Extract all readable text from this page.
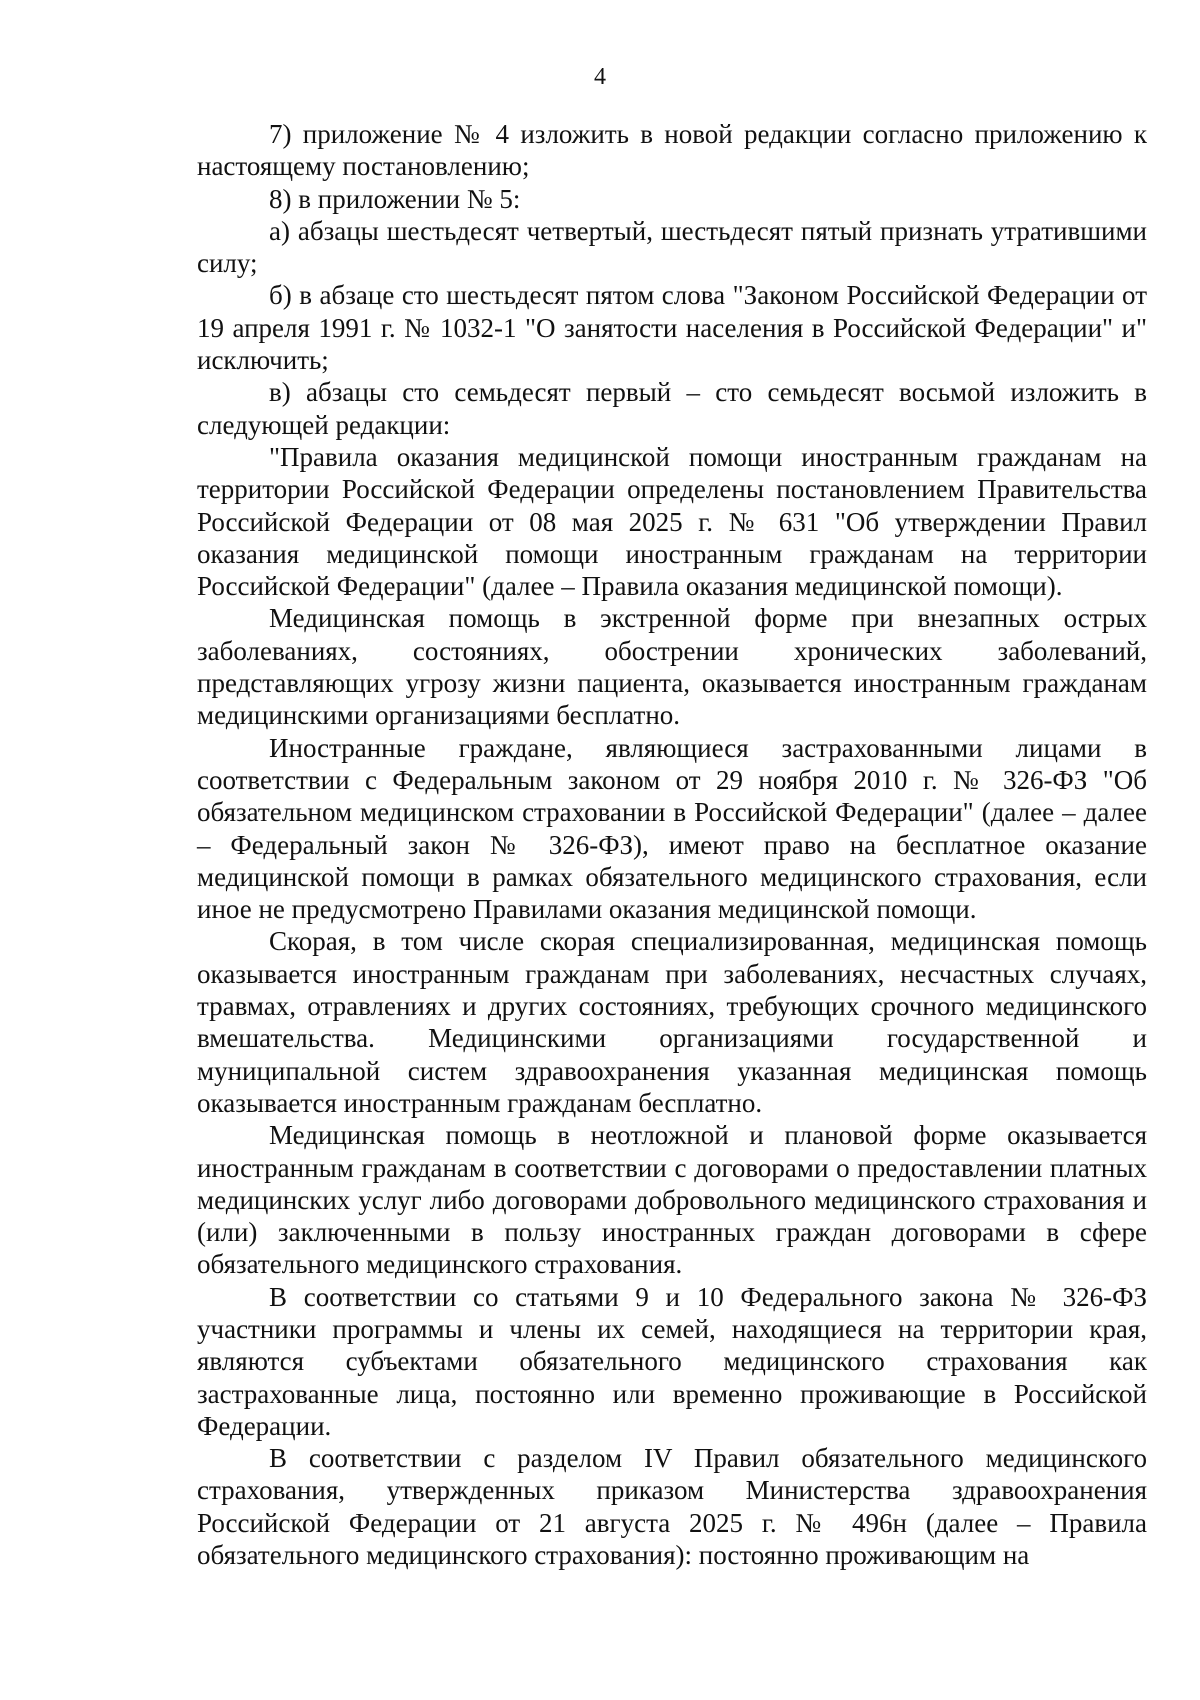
4

7) приложение № 4 изложить в новой редакции согласно приложению к настоящему постановлению;

8) в приложении № 5:

а) абзацы шестьдесят четвертый, шестьдесят пятый признать утратившими силу;

б) в абзаце сто шестьдесят пятом слова "Законом Российской Федерации от 19 апреля 1991 г. № 1032-1 "О занятости населения в Российской Федерации" и" исключить;

в) абзацы сто семьдесят первый – сто семьдесят восьмой изложить в следующей редакции:

"Правила оказания медицинской помощи иностранным гражданам на территории Российской Федерации определены постановлением Правительства Российской Федерации от 08 мая 2025 г. № 631 "Об утверждении Правил оказания медицинской помощи иностранным гражданам на территории Российской Федерации" (далее – Правила оказания медицинской помощи).

Медицинская помощь в экстренной форме при внезапных острых заболеваниях, состояниях, обострении хронических заболеваний, представляющих угрозу жизни пациента, оказывается иностранным гражданам медицинскими организациями бесплатно.

Иностранные граждане, являющиеся застрахованными лицами в соответствии с Федеральным законом от 29 ноября 2010 г. № 326-ФЗ "Об обязательном медицинском страховании в Российской Федерации" (далее – далее – Федеральный закон № 326-ФЗ), имеют право на бесплатное оказание медицинской помощи в рамках обязательного медицинского страхования, если иное не предусмотрено Правилами оказания медицинской помощи.

Скорая, в том числе скорая специализированная, медицинская помощь оказывается иностранным гражданам при заболеваниях, несчастных случаях, травмах, отравлениях и других состояниях, требующих срочного медицинского вмешательства. Медицинскими организациями государственной и муниципальной систем здравоохранения указанная медицинская помощь оказывается иностранным гражданам бесплатно.

Медицинская помощь в неотложной и плановой форме оказывается иностранным гражданам в соответствии с договорами о предоставлении платных медицинских услуг либо договорами добровольного медицинского страхования и (или) заключенными в пользу иностранных граждан договорами в сфере обязательного медицинского страхования.

В соответствии со статьями 9 и 10 Федерального закона № 326-ФЗ участники программы и члены их семей, находящиеся на территории края, являются субъектами обязательного медицинского страхования как застрахованные лица, постоянно или временно проживающие в Российской Федерации.

В соответствии с разделом IV Правил обязательного медицинского страхования, утвержденных приказом Министерства здравоохранения Российской Федерации от 21 августа 2025 г. № 496н (далее – Правила обязательного медицинского страхования): постоянно проживающим на
